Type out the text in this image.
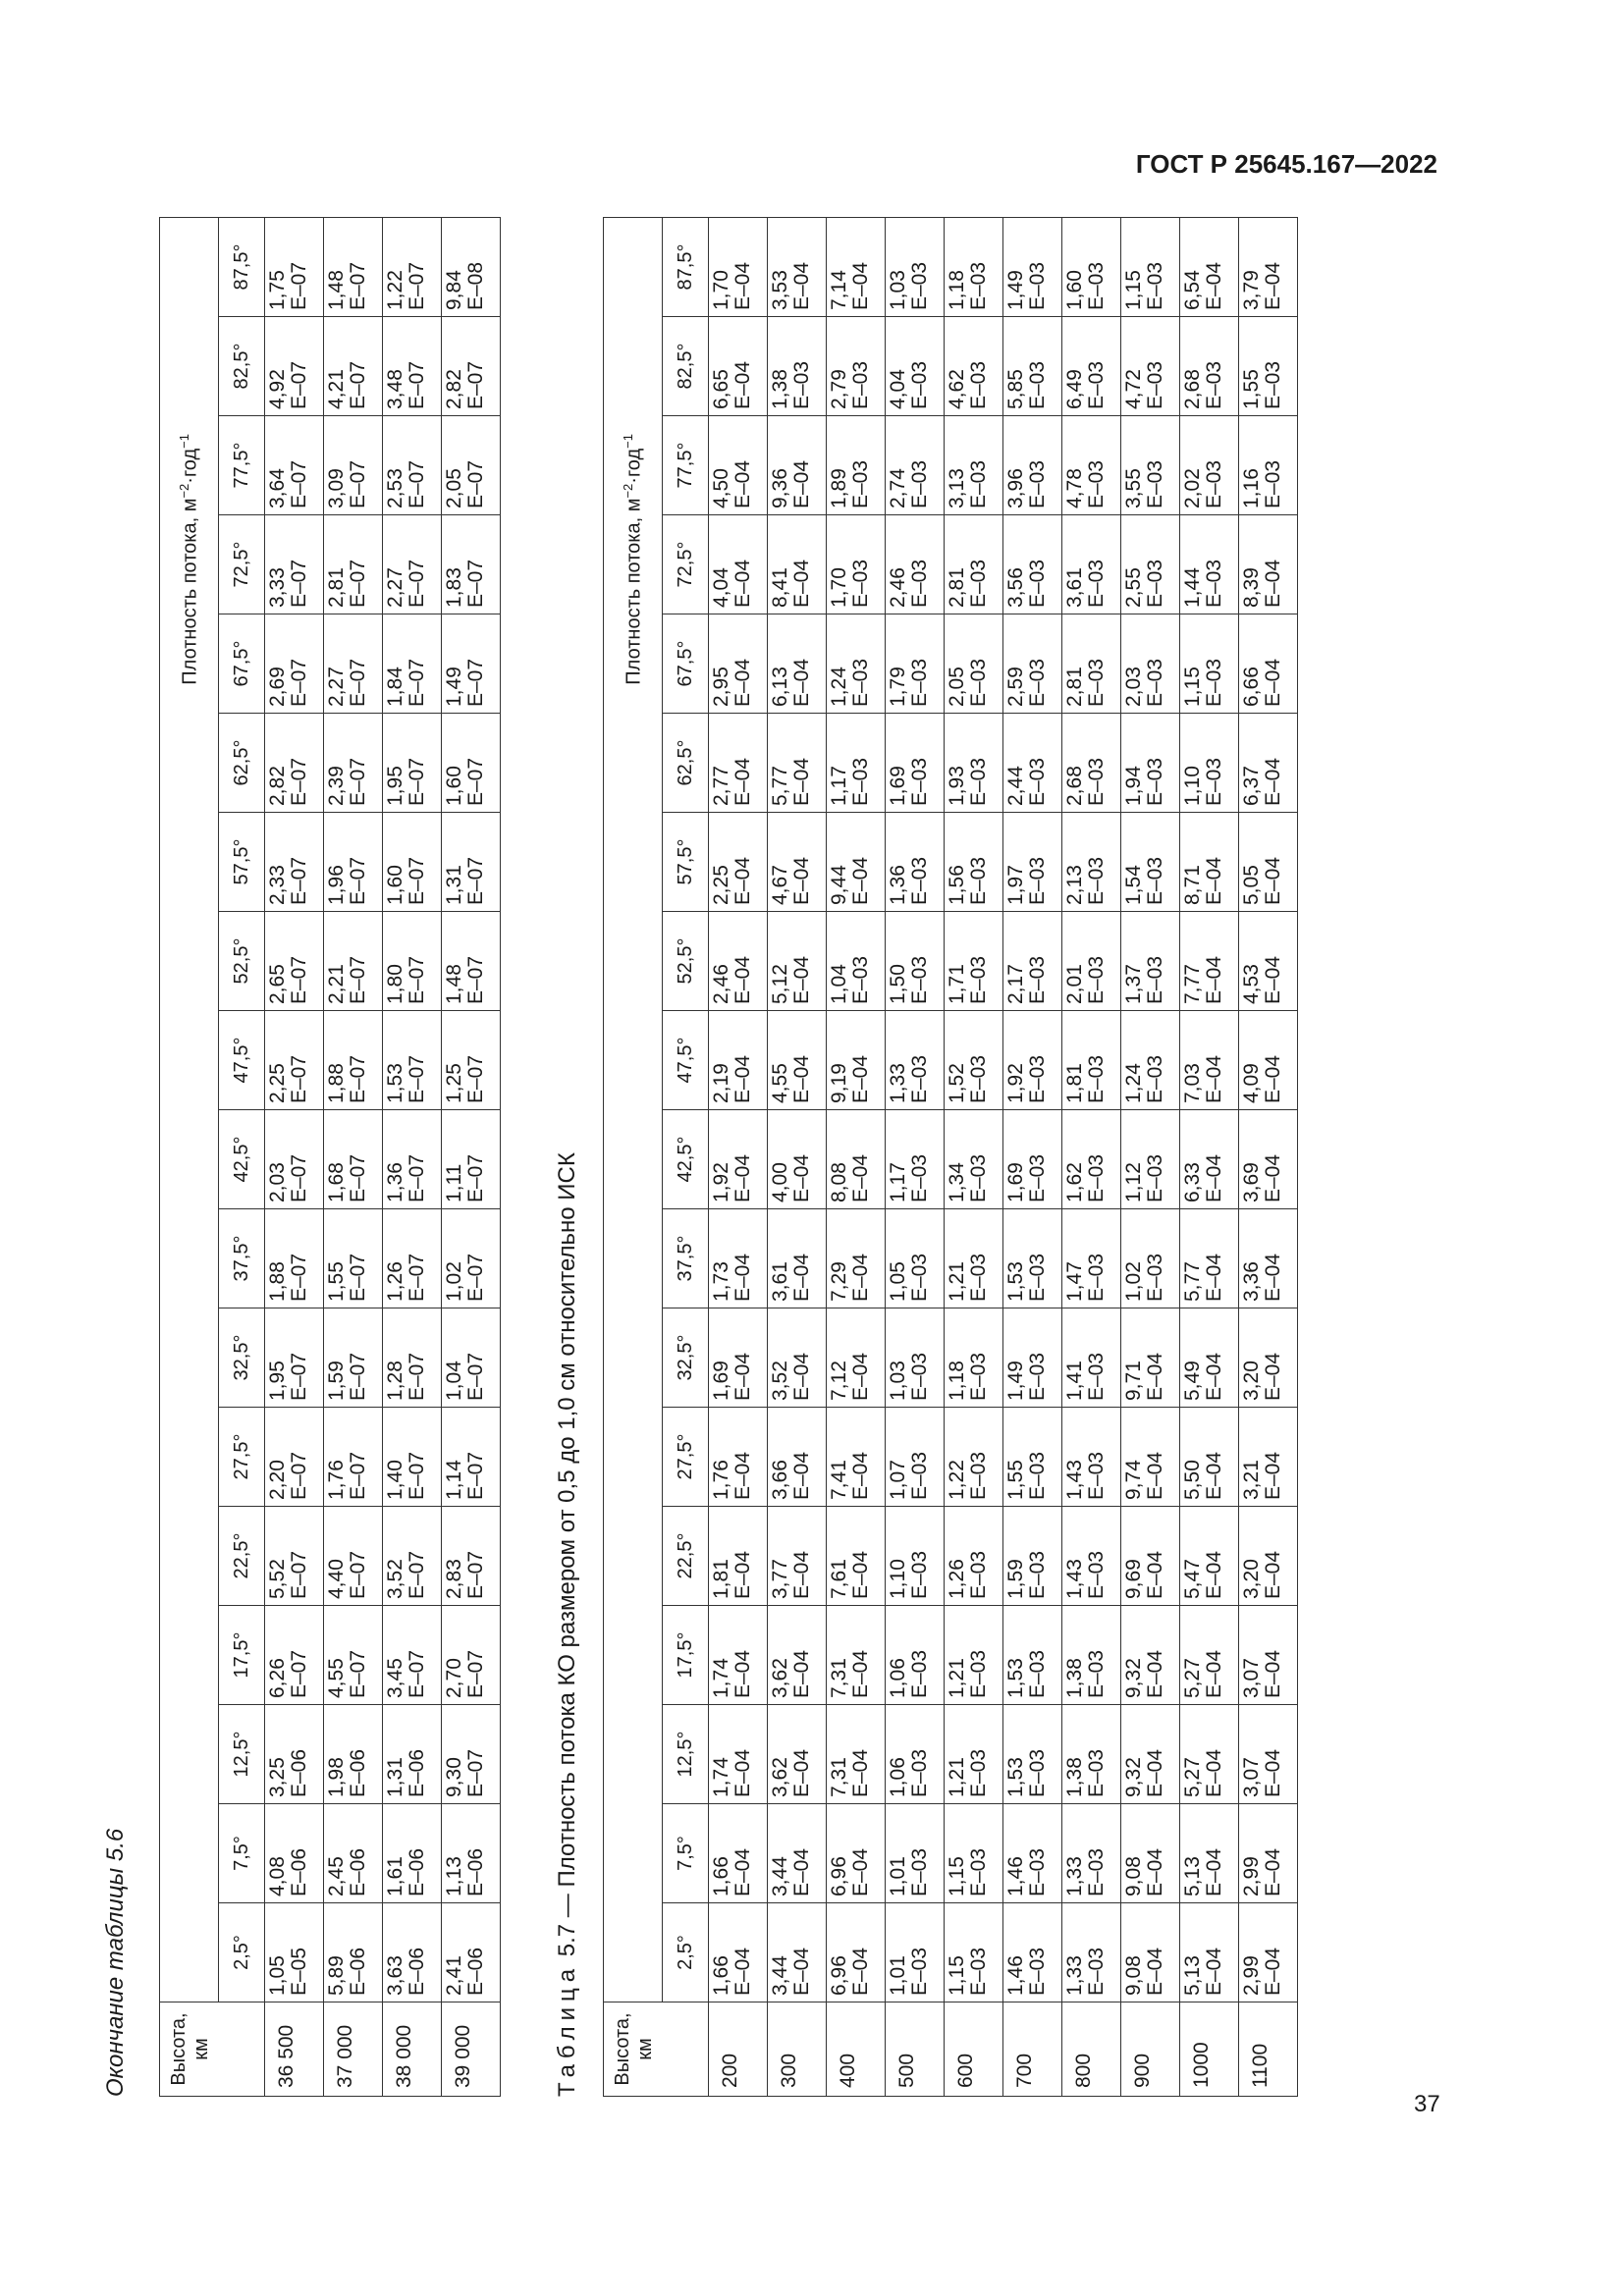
ГОСТ Р 25645.167—2022
Окончание таблицы 5.6 Высота, км	Плотность потока, $м^{-2}\cdot год^{-1}$
	2,5°	7,5°	12,5°	17,5°	22,5°	27,5°	32,5°	37,5°	42,5°	47,5°	52,5°	57,5°	62,5°	67,5°	72,5°	77,5°	82,5°	87,5°
36 500	1,05 E–05	4,08 E–06	3,25 E–06	6,26 E–07	5,52 E–07	2,20 E–07	1,95 E–07	1,88 E–07	2,03 E–07	2,25 E–07	2,65 E–07	2,33 E–07	2,82 E–07	2,69 E–07	3,33 E–07	3,64 E–07	4,92 E–07	1,75 E–07

37 000	5,89 E–06	2,45 E–06	1,98 E–06	4,55 E–07	4,40 E–07	1,76 E–07	1,59 E–07	1,55 E–07	1,68 E–07	1,88 E–07	2,21 E–07	1,96 E–07	2,39 E–07	2,27 E–07	2,81 E–07	3,09 E–07	4,21 E–07	1,48 E–07

38 000	3,63 E–06	1,61 E–06	1,31 E–06	3,45 E–07	3,52 E–07	1,40 E–07	1,28 E–07	1,26 E–07	1,36 E–07	1,53 E–07	1,80 E–07	1,60 E–07	1,95 E–07	1,84 E–07	2,27 E–07	2,53 E–07	3,48 E–07	1,22 E–07

39 000	2,41 E–06	1,13 E–06	9,30 E–07	2,70 E–07	2,83 E–07	1,14 E–07	1,04 E–07	1,02 E–07	1,11 E–07	1,25 E–07	1,48 E–07	1,31 E–07	1,60 E–07	1,49 E–07	1,83 E–07	2,05 E–07	2,82 E–07	9,84 E–08
Таблица 5.7 — Плотность потока КО размером от 0,5 до 1,0 см относительно ИСК
Высота, км	Плотность потока, $м^{-2}\cdot год^{-1}$
	2,5°	7,5°	12,5°	17,5°	22,5°	27,5°	32,5°	37,5°	42,5°	47,5°	52,5°	57,5°	62,5°	67,5°	72,5°	77,5°	82,5°	87,5°
200	1,66 E–04	1,66 E–04	1,74 E–04	1,74 E–04	1,81 E–04	1,76 E–04	1,69 E–04	1,73 E–04	1,92 E–04	2,19 E–04	2,46 E–04	2,25 E–04	2,77 E–04	2,95 E–04	4,04 E–04	4,50 E–04	6,65 E–04	1,70 E–04

300	3,44 E–04	3,44 E–04	3,62 E–04	3,62 E–04	3,77 E–04	3,66 E–04	3,52 E–04	3,61 E–04	4,00 E–04	4,55 E–04	5,12 E–04	4,67 E–04	5,77 E–04	6,13 E–04	8,41 E–04	9,36 E–04	1,38 E–03	3,53 E–04

400	6,96 E–04	6,96 E–04	7,31 E–04	7,31 E–04	7,61 E–04	7,41 E–04	7,12 E–04	7,29 E–04	8,08 E–04	9,19 E–04	1,04 E–03	9,44 E–04	1,17 E–03	1,24 E–03	1,70 E–03	1,89 E–03	2,79 E–03	7,14 E–04

500	1,01 E–03	1,01 E–03	1,06 E–03	1,06 E–03	1,10 E–03	1,07 E–03	1,03 E–03	1,05 E–03	1,17 E–03	1,33 E–03	1,50 E–03	1,36 E–03	1,69 E–03	1,79 E–03	2,46 E–03	2,74 E–03	4,04 E–03	1,03 E–03

600	1,15 E–03	1,15 E–03	1,21 E–03	1,21 E–03	1,26 E–03	1,22 E–03	1,18 E–03	1,21 E–03	1,34 E–03	1,52 E–03	1,71 E–03	1,56 E–03	1,93 E–03	2,05 E–03	2,81 E–03	3,13 E–03	4,62 E–03	1,18 E–03

700	1,46 E–03	1,46 E–03	1,53 E–03	1,53 E–03	1,59 E–03	1,55 E–03	1,49 E–03	1,53 E–03	1,69 E–03	1,92 E–03	2,17 E–03	1,97 E–03	2,44 E–03	2,59 E–03	3,56 E–03	3,96 E–03	5,85 E–03	1,49 E–03

800	1,33 E–03	1,33 E–03	1,38 E–03	1,38 E–03	1,43 E–03	1,43 E–03	1,41 E–03	1,47 E–03	1,62 E–03	1,81 E–03	2,01 E–03	2,13 E–03	2,68 E–03	2,81 E–03	3,61 E–03	4,78 E–03	6,49 E–03	1,60 E–03

900	9,08 E–04	9,08 E–04	9,32 E–04	9,32 E–04	9,69 E–04	9,74 E–04	9,71 E–04	1,02 E–03	1,12 E–03	1,24 E–03	1,37 E–03	1,54 E–03	1,94 E–03	2,03 E–03	2,55 E–03	3,55 E–03	4,72 E–03	1,15 E–03

1000	5,13 E–04	5,13 E–04	5,27 E–04	5,27 E–04	5,47 E–04	5,50 E–04	5,49 E–04	5,77 E–04	6,33 E–04	7,03 E–04	7,77 E–04	8,71 E–04	1,10 E–03	1,15 E–03	1,44 E–03	2,02 E–03	2,68 E–03	6,54 E–04

1100	2,99 E–04	2,99 E–04	3,07 E–04	3,07 E–04	3,20 E–04	3,21 E–04	3,20 E–04	3,36 E–04	3,69 E–04	4,09 E–04	4,53 E–04	5,05 E–04	6,37 E–04	6,66 E–04	8,39 E–04	1,16 E–03	1,55 E–03	3,79 E–04
37
